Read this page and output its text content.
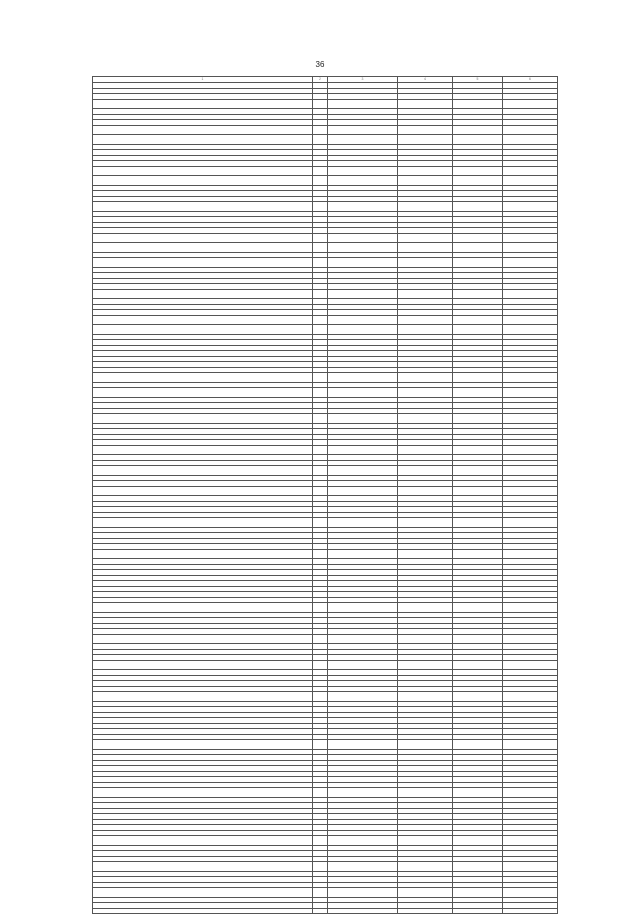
36
1	2	3	4	5	6
